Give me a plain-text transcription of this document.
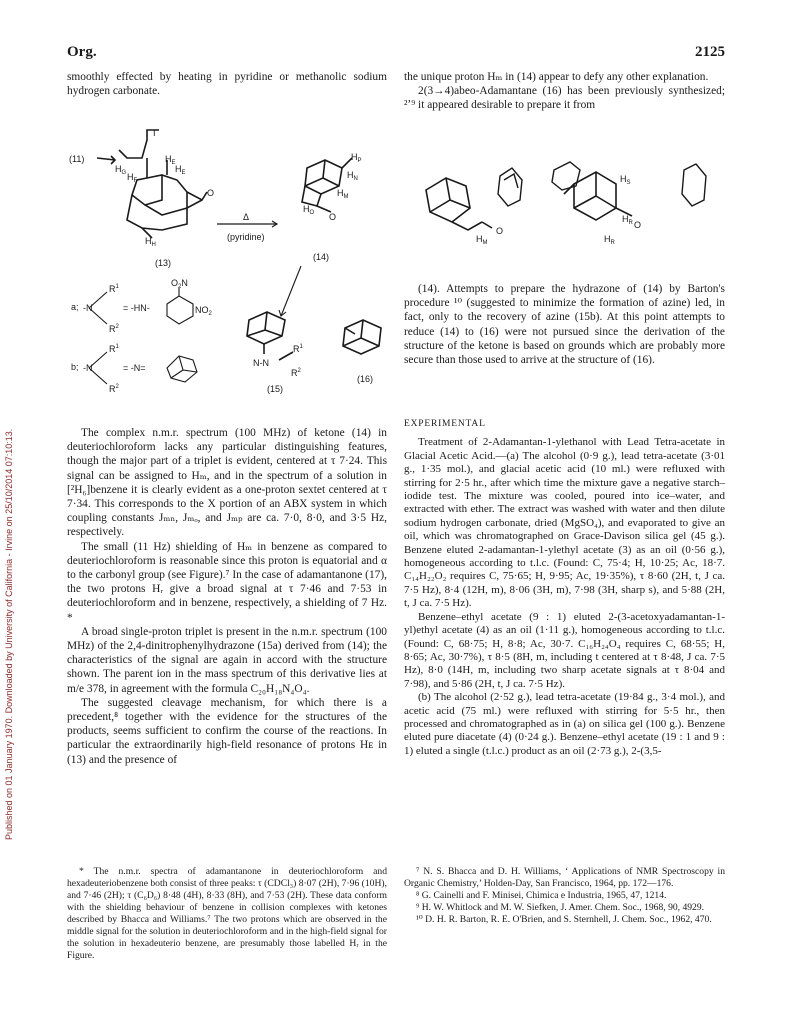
Published on 01 January 1970. Downloaded by University of California - Irvine on 25/10/2014 07:10:13.
Org.	2125

smoothly effected by heating in pyridine or methanolic sodium hydrogen carbonate.

the unique proton Hₘ in (14) appear to defy any other explanation.

2(3→4)abeo-Adamantane (16) has been previously synthesized; ²ʼ⁹ it appeared desirable to prepare it from

(11)
I
$H_G$ $H_F$
$H_E$
$H_E$
O
$H_H$
(13)
Δ
(pyridine)
$H_P$
$H_N$
$H_M$
$H_O$ O
(14)
a; -N
$R^1$
$R^2$
= -HN-
$O_2N$
$NO_2$
b; -N
$R^1$
$R^2$
= -N=	N-N
$R^1$
$R^2$
(15)
(16)
$H_S$
$H_R$
$H_R$
$H_M$
O
O

(14). Attempts to prepare the hydrazone of (14) by Barton's procedure ¹⁰ (suggested to minimize the formation of azine) led, in fact, only to the recovery of azine (15b). At this point attempts to reduce (14) to (16) were not pursued since the derivation of the structure of the ketone is based on grounds which are probably more secure than those used to arrive at the structure of (16).

The complex n.m.r. spectrum (100 MHz) of ketone (14) in deuteriochloroform lacks any particular distinguishing features, though the major part of a triplet is evident, centered at τ 7·24. This signal can be assigned to Hₘ, and in the spectrum of a solution in [²H₆]benzene it is clearly evident as a one-proton sextet centered at τ 7·34. This corresponds to the X portion of an ABX system in which coupling constants Jₘₙ, Jₘₒ, and Jₘₚ are ca. 7·0, 8·0, and 3·5 Hz, respectively.

The small (11 Hz) shielding of Hₘ in benzene as compared to deuteriochloroform is reasonable since this proton is equatorial and α to the carbonyl group (see Figure).⁷ In the case of adamantanone (17), the two protons Hᵣ give a broad signal at τ 7·46 and 7·53 in deuteriochloroform and in benzene, respectively, a shielding of 7 Hz. *

A broad single-proton triplet is present in the n.m.r. spectrum (100 MHz) of the 2,4-dinitrophenylhydrazone (15a) derived from (14); the characteristics of the signal are again in accord with the structure shown. The parent ion in the mass spectrum of this derivative lies at m/e 378, in agreement with the formula C₂₀H₁₈N₄O₄.

The suggested cleavage mechanism, for which there is a precedent,⁸ together with the evidence for the structures of the products, seems sufficient to confirm the course of the reactions. In particular the extraordinarily high-field resonance of protons Hᴇ in (13) and the presence of

EXPERIMENTAL

Treatment of 2-Adamantan-1-ylethanol with Lead Tetra-acetate in Glacial Acetic Acid.—(a) The alcohol (0·9 g.), lead tetra-acetate (3·01 g., 1·35 mol.), and glacial acetic acid (10 ml.) were refluxed with stirring for 2·5 hr., after which time the mixture gave a negative starch–iodide test. The mixture was cooled, poured into ice–water, and extracted with ether. The extract was washed with water and then dilute sodium hydrogen carbonate, dried (MgSO₄), and evaporated to give an oil, which was chromatographed on Grace-Davison silica gel (45 g.). Benzene eluted 2-adamantan-1-ylethyl acetate (3) as an oil (0·56 g.), homogeneous according to t.l.c. (Found: C, 75·4; H, 10·25; Ac, 18·7. C₁₄H₂₂O₂ requires C, 75·65; H, 9·95; Ac, 19·35%), τ 8·60 (2H, t, J ca. 7·5 Hz), 8·4 (12H, m), 8·06 (3H, m), 7·98 (3H, sharp s), and 5·88 (2H, t, J ca. 7·5 Hz).

Benzene–ethyl acetate (9 : 1) eluted 2-(3-acetoxyadamantan-1-yl)ethyl acetate (4) as an oil (1·11 g.), homogeneous according to t.l.c. (Found: C, 68·75; H, 8·8; Ac, 30·7. C₁₆H₂₄O₄ requires C, 68·55; H, 8·65; Ac, 30·7%), τ 8·5 (8H, m, including t centered at τ 8·48, J ca. 7·5 Hz), 8·0 (14H, m, including two sharp acetate signals at τ 8·04 and 7·98), and 5·86 (2H, t, J ca. 7·5 Hz).

(b) The alcohol (2·52 g.), lead tetra-acetate (19·84 g., 3·4 mol.), and acetic acid (75 ml.) were refluxed with stirring for 5·5 hr., then processed and chromatographed as in (a) on silica gel (100 g.). Benzene eluted pure diacetate (4) (0·24 g.). Benzene–ethyl acetate (19 : 1 and 9 : 1) eluted a single (t.l.c.) product as an oil (2·73 g.), 2-(3,5-

* The n.m.r. spectra of adamantanone in deuteriochloroform and hexadeuteriobenzene both consist of three peaks: τ (CDCl₃) 8·07 (2H), 7·96 (10H), and 7·46 (2H); τ (C₆D₆) 8·48 (4H), 8·33 (8H), and 7·53 (2H). These data conform with the shielding behaviour of benzene in collision complexes with ketones described by Bhacca and Williams.⁷ The two protons which are observed in the middle signal for the solution in deuteriochloroform and in the high-field signal for the solution in hexadeuterio benzene, are presumably those labelled Hᵣ in the Figure.

⁷ N. S. Bhacca and D. H. Williams, ‘ Applications of NMR Spectroscopy in Organic Chemistry,’ Holden-Day, San Francisco, 1964, pp. 172—176.

⁸ G. Cainelli and F. Minisei, Chimica e Industria, 1965, 47, 1214.

⁹ H. W. Whitlock and M. W. Siefken, J. Amer. Chem. Soc., 1968, 90, 4929.

¹⁰ D. H. R. Barton, R. E. O'Brien, and S. Sternhell, J. Chem. Soc., 1962, 470.
